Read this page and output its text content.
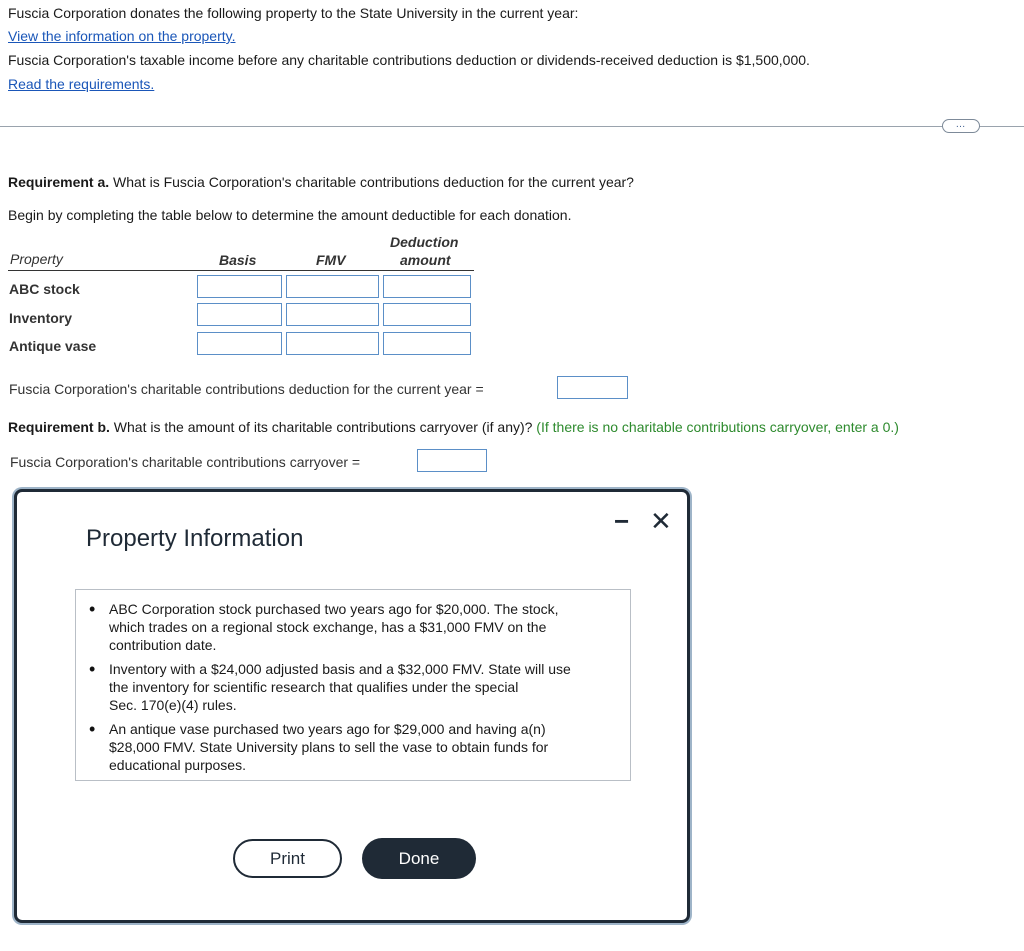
Fuscia Corporation donates the following property to the State University in the current year:
View the information on the property.
Fuscia Corporation's taxable income before any charitable contributions deduction or dividends-received deduction is $1,500,000.
Read the requirements.
…
Requirement a. What is Fuscia Corporation's charitable contributions deduction for the current year?
Begin by completing the table below to determine the amount deductible for each donation.
Deduction
Property	Basis	FMV	amount
ABC stock
Inventory
Antique vase
Fuscia Corporation's charitable contributions deduction for the current year =
Requirement b. What is the amount of its charitable contributions carryover (if any)? (If there is no charitable contributions carryover, enter a 0.)
Fuscia Corporation's charitable contributions carryover =
Property Information
− ✕
• ABC Corporation stock purchased two years ago for $20,000. The stock,
which trades on a regional stock exchange, has a $31,000 FMV on the
contribution date.
• Inventory with a $24,000 adjusted basis and a $32,000 FMV. State will use
the inventory for scientific research that qualifies under the special
Sec. 170(e)(4) rules.
• An antique vase purchased two years ago for $29,000 and having a(n)
$28,000 FMV. State University plans to sell the vase to obtain funds for
educational purposes.
Print	Done
